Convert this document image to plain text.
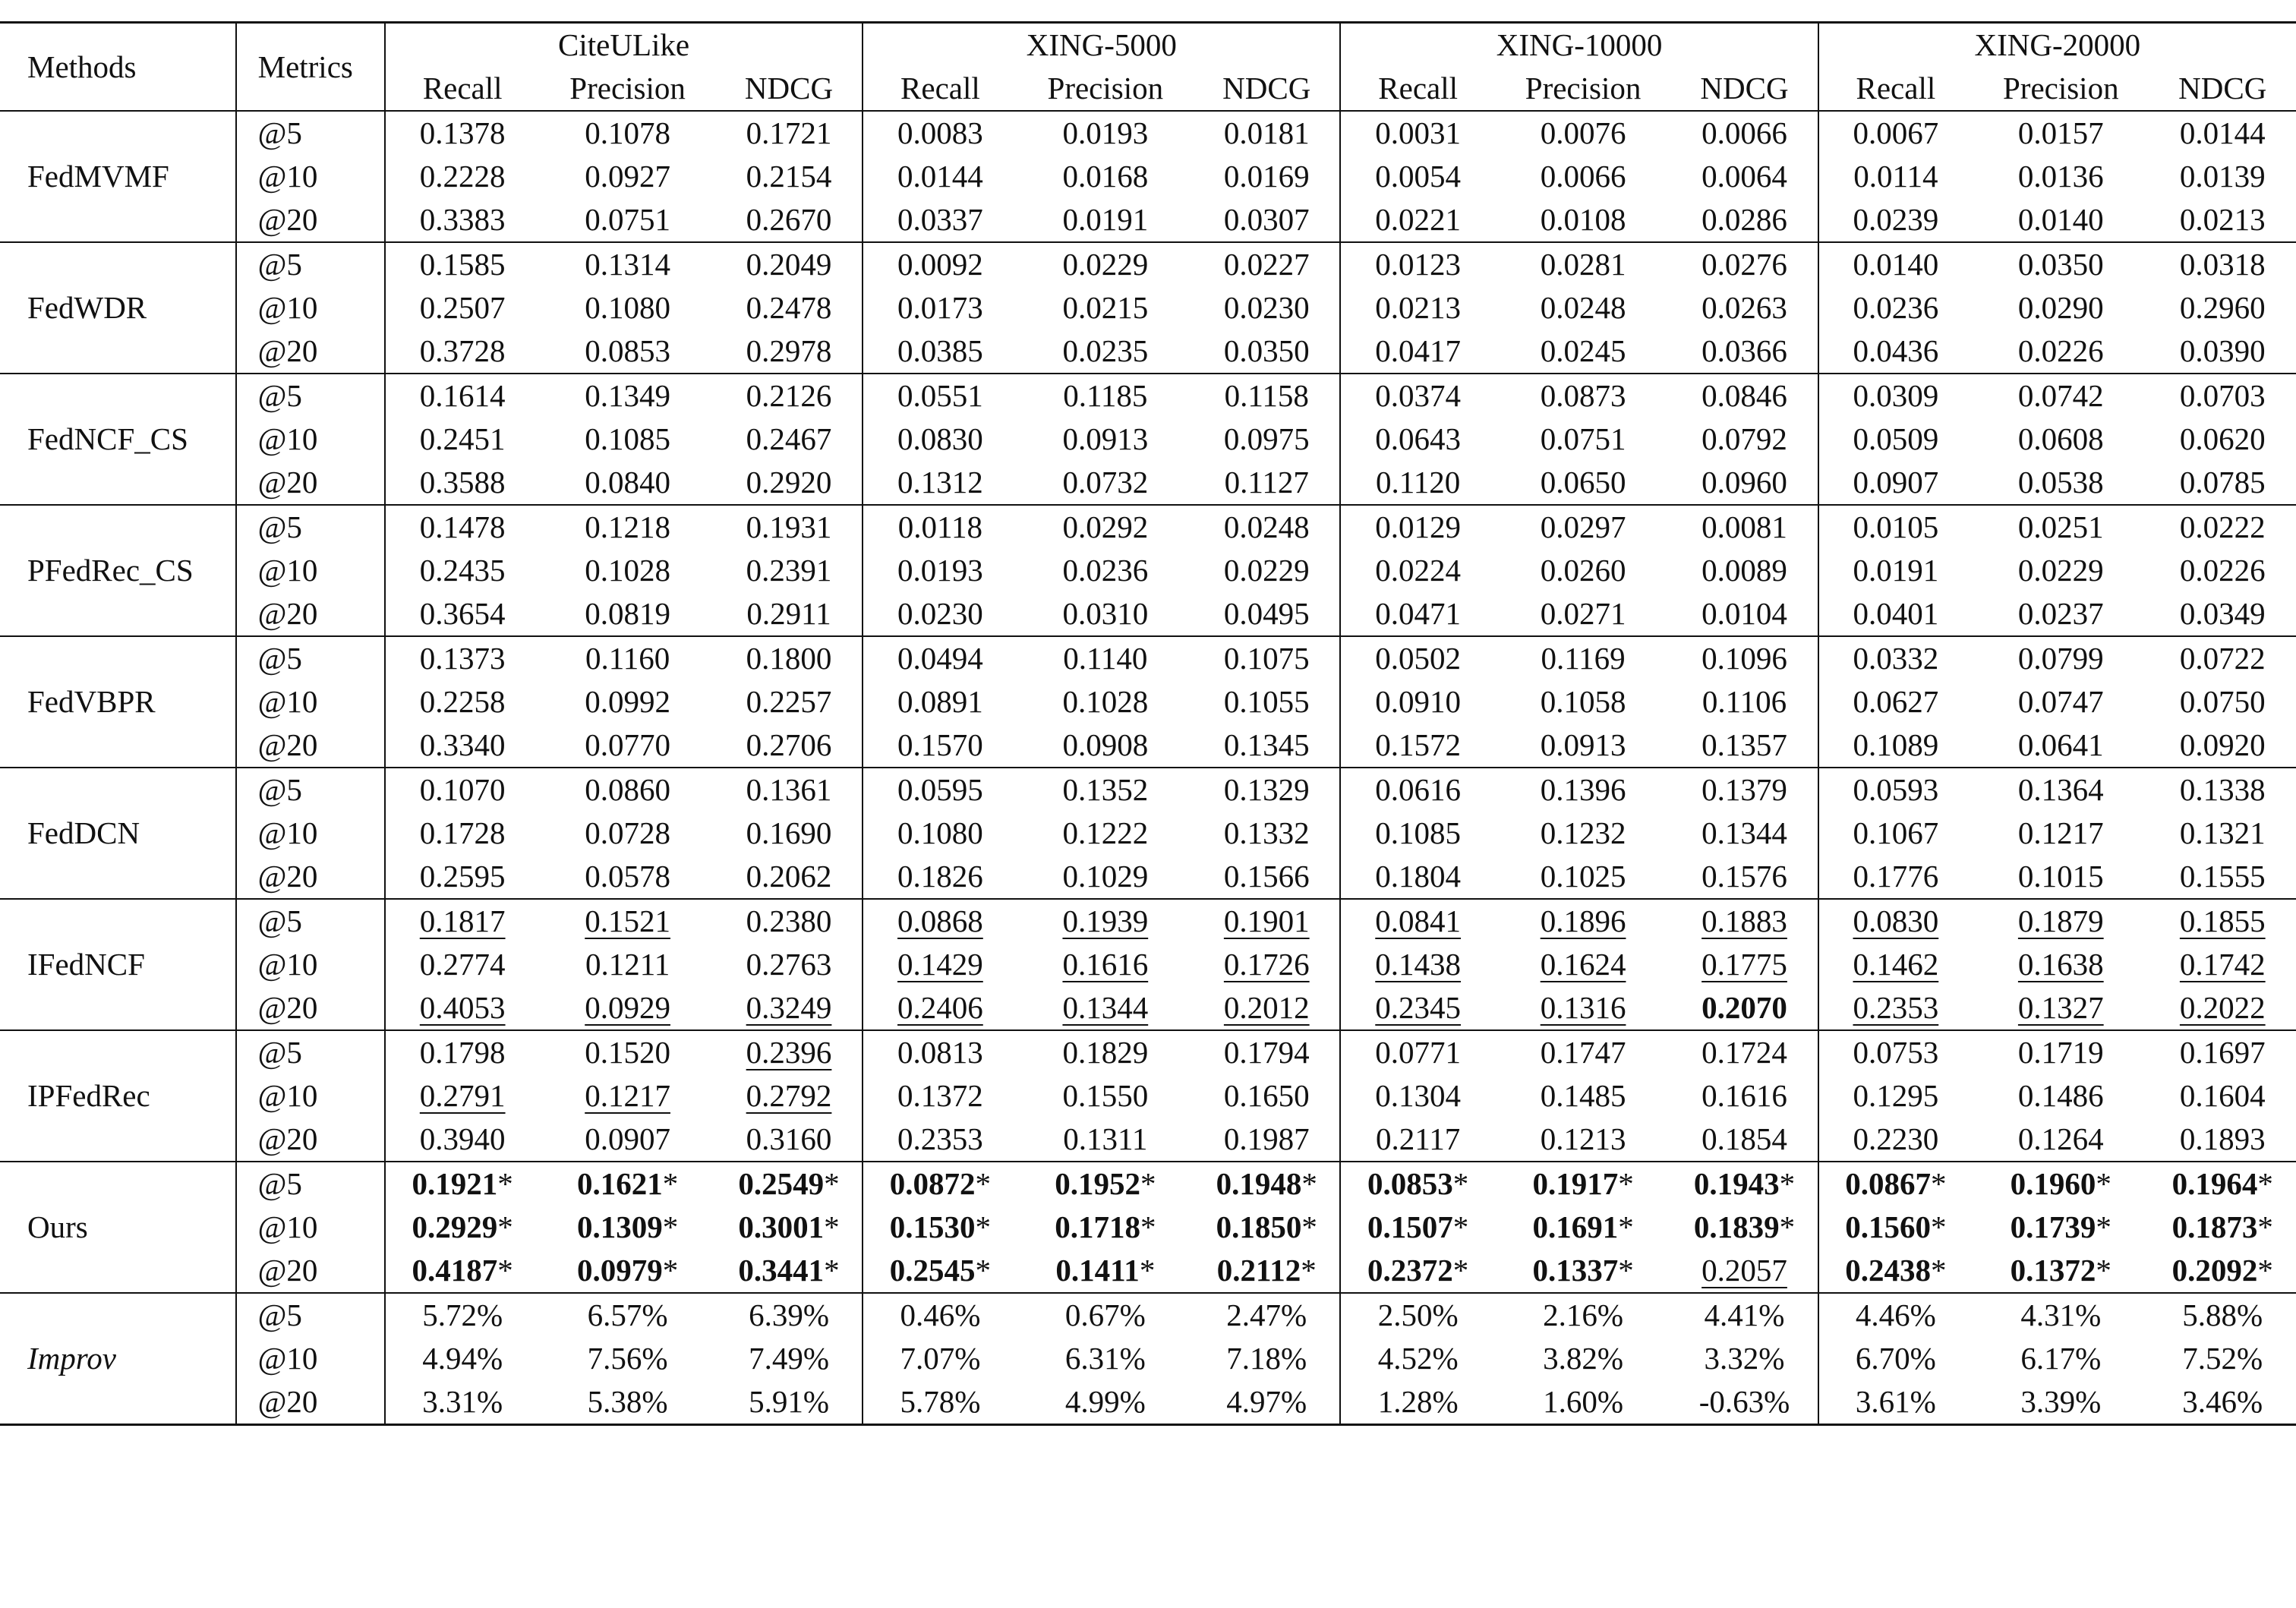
Methods	Metrics	CiteULike			XING-5000			XING-10000			XING-20000		
		Recall	Precision	NDCG	Recall	Precision	NDCG	Recall	Precision	NDCG	Recall	Precision	NDCG
FedMVMF	@5	0.1378	0.1078	0.1721	0.0083	0.0193	0.0181	0.0031	0.0076	0.0066	0.0067	0.0157	0.0144
	@10	0.2228	0.0927	0.2154	0.0144	0.0168	0.0169	0.0054	0.0066	0.0064	0.0114	0.0136	0.0139
	@20	0.3383	0.0751	0.2670	0.0337	0.0191	0.0307	0.0221	0.0108	0.0286	0.0239	0.0140	0.0213
FedWDR	@5	0.1585	0.1314	0.2049	0.0092	0.0229	0.0227	0.0123	0.0281	0.0276	0.0140	0.0350	0.0318
	@10	0.2507	0.1080	0.2478	0.0173	0.0215	0.0230	0.0213	0.0248	0.0263	0.0236	0.0290	0.2960
	@20	0.3728	0.0853	0.2978	0.0385	0.0235	0.0350	0.0417	0.0245	0.0366	0.0436	0.0226	0.0390
FedNCF_CS	@5	0.1614	0.1349	0.2126	0.0551	0.1185	0.1158	0.0374	0.0873	0.0846	0.0309	0.0742	0.0703
	@10	0.2451	0.1085	0.2467	0.0830	0.0913	0.0975	0.0643	0.0751	0.0792	0.0509	0.0608	0.0620
	@20	0.3588	0.0840	0.2920	0.1312	0.0732	0.1127	0.1120	0.0650	0.0960	0.0907	0.0538	0.0785
PFedRec_CS	@5	0.1478	0.1218	0.1931	0.0118	0.0292	0.0248	0.0129	0.0297	0.0081	0.0105	0.0251	0.0222
	@10	0.2435	0.1028	0.2391	0.0193	0.0236	0.0229	0.0224	0.0260	0.0089	0.0191	0.0229	0.0226
	@20	0.3654	0.0819	0.2911	0.0230	0.0310	0.0495	0.0471	0.0271	0.0104	0.0401	0.0237	0.0349
FedVBPR	@5	0.1373	0.1160	0.1800	0.0494	0.1140	0.1075	0.0502	0.1169	0.1096	0.0332	0.0799	0.0722
	@10	0.2258	0.0992	0.2257	0.0891	0.1028	0.1055	0.0910	0.1058	0.1106	0.0627	0.0747	0.0750
	@20	0.3340	0.0770	0.2706	0.1570	0.0908	0.1345	0.1572	0.0913	0.1357	0.1089	0.0641	0.0920
FedDCN	@5	0.1070	0.0860	0.1361	0.0595	0.1352	0.1329	0.0616	0.1396	0.1379	0.0593	0.1364	0.1338
	@10	0.1728	0.0728	0.1690	0.1080	0.1222	0.1332	0.1085	0.1232	0.1344	0.1067	0.1217	0.1321
	@20	0.2595	0.0578	0.2062	0.1826	0.1029	0.1566	0.1804	0.1025	0.1576	0.1776	0.1015	0.1555
IFedNCF	@5	0.1817	0.1521	0.2380	0.0868	0.1939	0.1901	0.0841	0.1896	0.1883	0.0830	0.1879	0.1855
	@10	0.2774	0.1211	0.2763	0.1429	0.1616	0.1726	0.1438	0.1624	0.1775	0.1462	0.1638	0.1742
	@20	0.4053	0.0929	0.3249	0.2406	0.1344	0.2012	0.2345	0.1316	0.2070	0.2353	0.1327	0.2022
IPFedRec	@5	0.1798	0.1520	0.2396	0.0813	0.1829	0.1794	0.0771	0.1747	0.1724	0.0753	0.1719	0.1697
	@10	0.2791	0.1217	0.2792	0.1372	0.1550	0.1650	0.1304	0.1485	0.1616	0.1295	0.1486	0.1604
	@20	0.3940	0.0907	0.3160	0.2353	0.1311	0.1987	0.2117	0.1213	0.1854	0.2230	0.1264	0.1893
Ours	@5	0.1921*	0.1621*	0.2549*	0.0872*	0.1952*	0.1948*	0.0853*	0.1917*	0.1943*	0.0867*	0.1960*	0.1964*
	@10	0.2929*	0.1309*	0.3001*	0.1530*	0.1718*	0.1850*	0.1507*	0.1691*	0.1839*	0.1560*	0.1739*	0.1873*
	@20	0.4187*	0.0979*	0.3441*	0.2545*	0.1411*	0.2112*	0.2372*	0.1337*	0.2057	0.2438*	0.1372*	0.2092*
Improv	@5	5.72%	6.57%	6.39%	0.46%	0.67%	2.47%	2.50%	2.16%	4.41%	4.46%	4.31%	5.88%
	@10	4.94%	7.56%	7.49%	7.07%	6.31%	7.18%	4.52%	3.82%	3.32%	6.70%	6.17%	7.52%
	@20	3.31%	5.38%	5.91%	5.78%	4.99%	4.97%	1.28%	1.60%	-0.63%	3.61%	3.39%	3.46%
